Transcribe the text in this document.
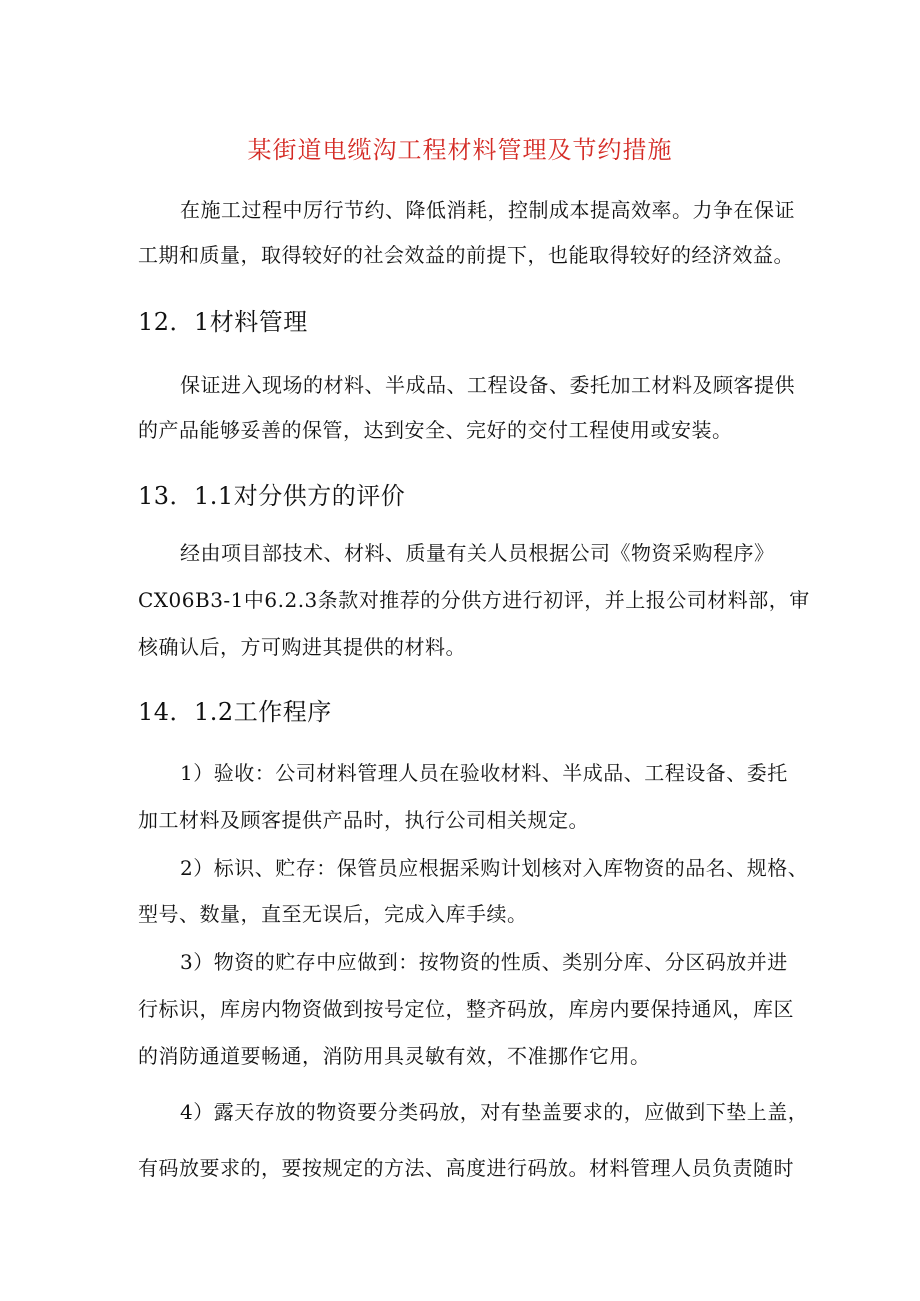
某街道电缆沟工程材料管理及节约措施
在施工过程中厉行节约、降低消耗，控制成本提高效率。力争在保证
工期和质量，取得较好的社会效益的前提下，也能取得较好的经济效益。
12．1材料管理
保证进入现场的材料、半成品、工程设备、委托加工材料及顾客提供
的产品能够妥善的保管，达到安全、完好的交付工程使用或安装。
13．1.1对分供方的评价
经由项目部技术、材料、质量有关人员根据公司《物资采购程序》
CX06B3-1中6.2.3条款对推荐的分供方进行初评，并上报公司材料部，审
核确认后，方可购进其提供的材料。
14．1.2工作程序
1）验收：公司材料管理人员在验收材料、半成品、工程设备、委托
加工材料及顾客提供产品时，执行公司相关规定。
2）标识、贮存：保管员应根据采购计划核对入库物资的品名、规格、
型号、数量，直至无误后，完成入库手续。
3）物资的贮存中应做到：按物资的性质、类别分库、分区码放并进
行标识，库房内物资做到按号定位，整齐码放，库房内要保持通风，库区
的消防通道要畅通，消防用具灵敏有效，不准挪作它用。
4）露天存放的物资要分类码放，对有垫盖要求的，应做到下垫上盖，
有码放要求的，要按规定的方法、高度进行码放。材料管理人员负责随时
